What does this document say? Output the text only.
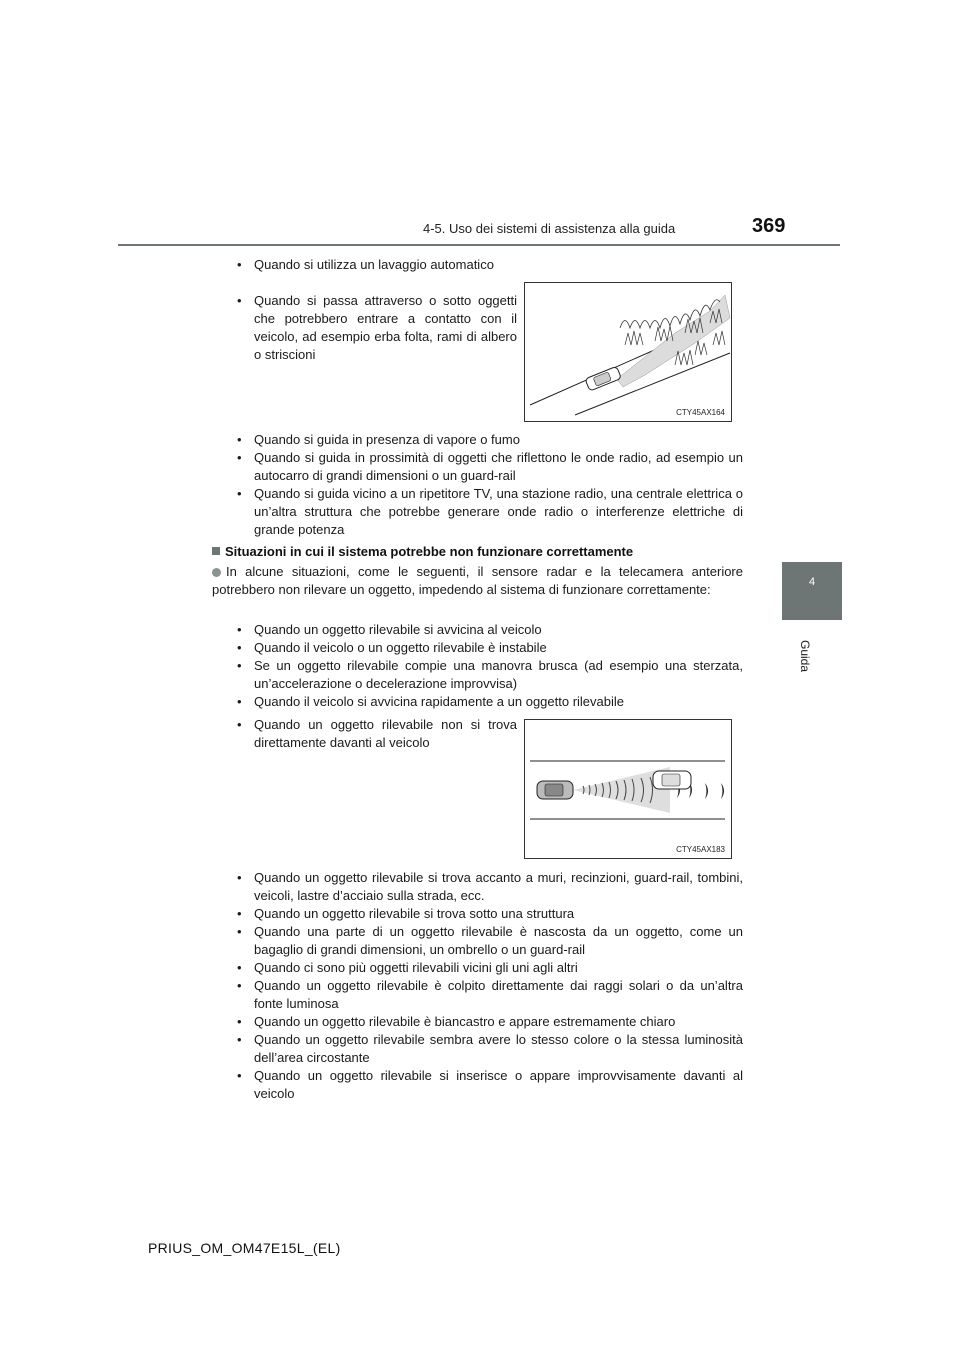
4-5. Uso dei sistemi di assistenza alla guida	369
4
Guida
• Quando si utilizza un lavaggio automatico
• Quando si passa attraverso o sotto oggetti che potrebbero entrare a contatto con il veicolo, ad esempio erba folta, rami di albero o striscioni
CTY45AX164
• Quando si guida in presenza di vapore o fumo
• Quando si guida in prossimità di oggetti che riflettono le onde radio, ad esempio un autocarro di grandi dimensioni o un guard-rail
• Quando si guida vicino a un ripetitore TV, una stazione radio, una centrale elettrica o un’altra struttura che potrebbe generare onde radio o interferenze elettriche di grande potenza
Situazioni in cui il sistema potrebbe non funzionare correttamente
In alcune situazioni, come le seguenti, il sensore radar e la telecamera anteriore potrebbero non rilevare un oggetto, impedendo al sistema di funzionare correttamente:
• Quando un oggetto rilevabile si avvicina al veicolo
• Quando il veicolo o un oggetto rilevabile è instabile
• Se un oggetto rilevabile compie una manovra brusca (ad esempio una sterzata, un’accelerazione o decelerazione improvvisa)
• Quando il veicolo si avvicina rapidamente a un oggetto rilevabile
• Quando un oggetto rilevabile non si trova direttamente davanti al veicolo
CTY45AX183
• Quando un oggetto rilevabile si trova accanto a muri, recinzioni, guard-rail, tombini, veicoli, lastre d’acciaio sulla strada, ecc.
• Quando un oggetto rilevabile si trova sotto una struttura
• Quando una parte di un oggetto rilevabile è nascosta da un oggetto, come un bagaglio di grandi dimensioni, un ombrello o un guard-rail
• Quando ci sono più oggetti rilevabili vicini gli uni agli altri
• Quando un oggetto rilevabile è colpito direttamente dai raggi solari o da un’altra fonte luminosa
• Quando un oggetto rilevabile è biancastro e appare estremamente chiaro
• Quando un oggetto rilevabile sembra avere lo stesso colore o la stessa luminosità dell’area circostante
• Quando un oggetto rilevabile si inserisce o appare improvvisamente davanti al veicolo
PRIUS_OM_OM47E15L_(EL)
